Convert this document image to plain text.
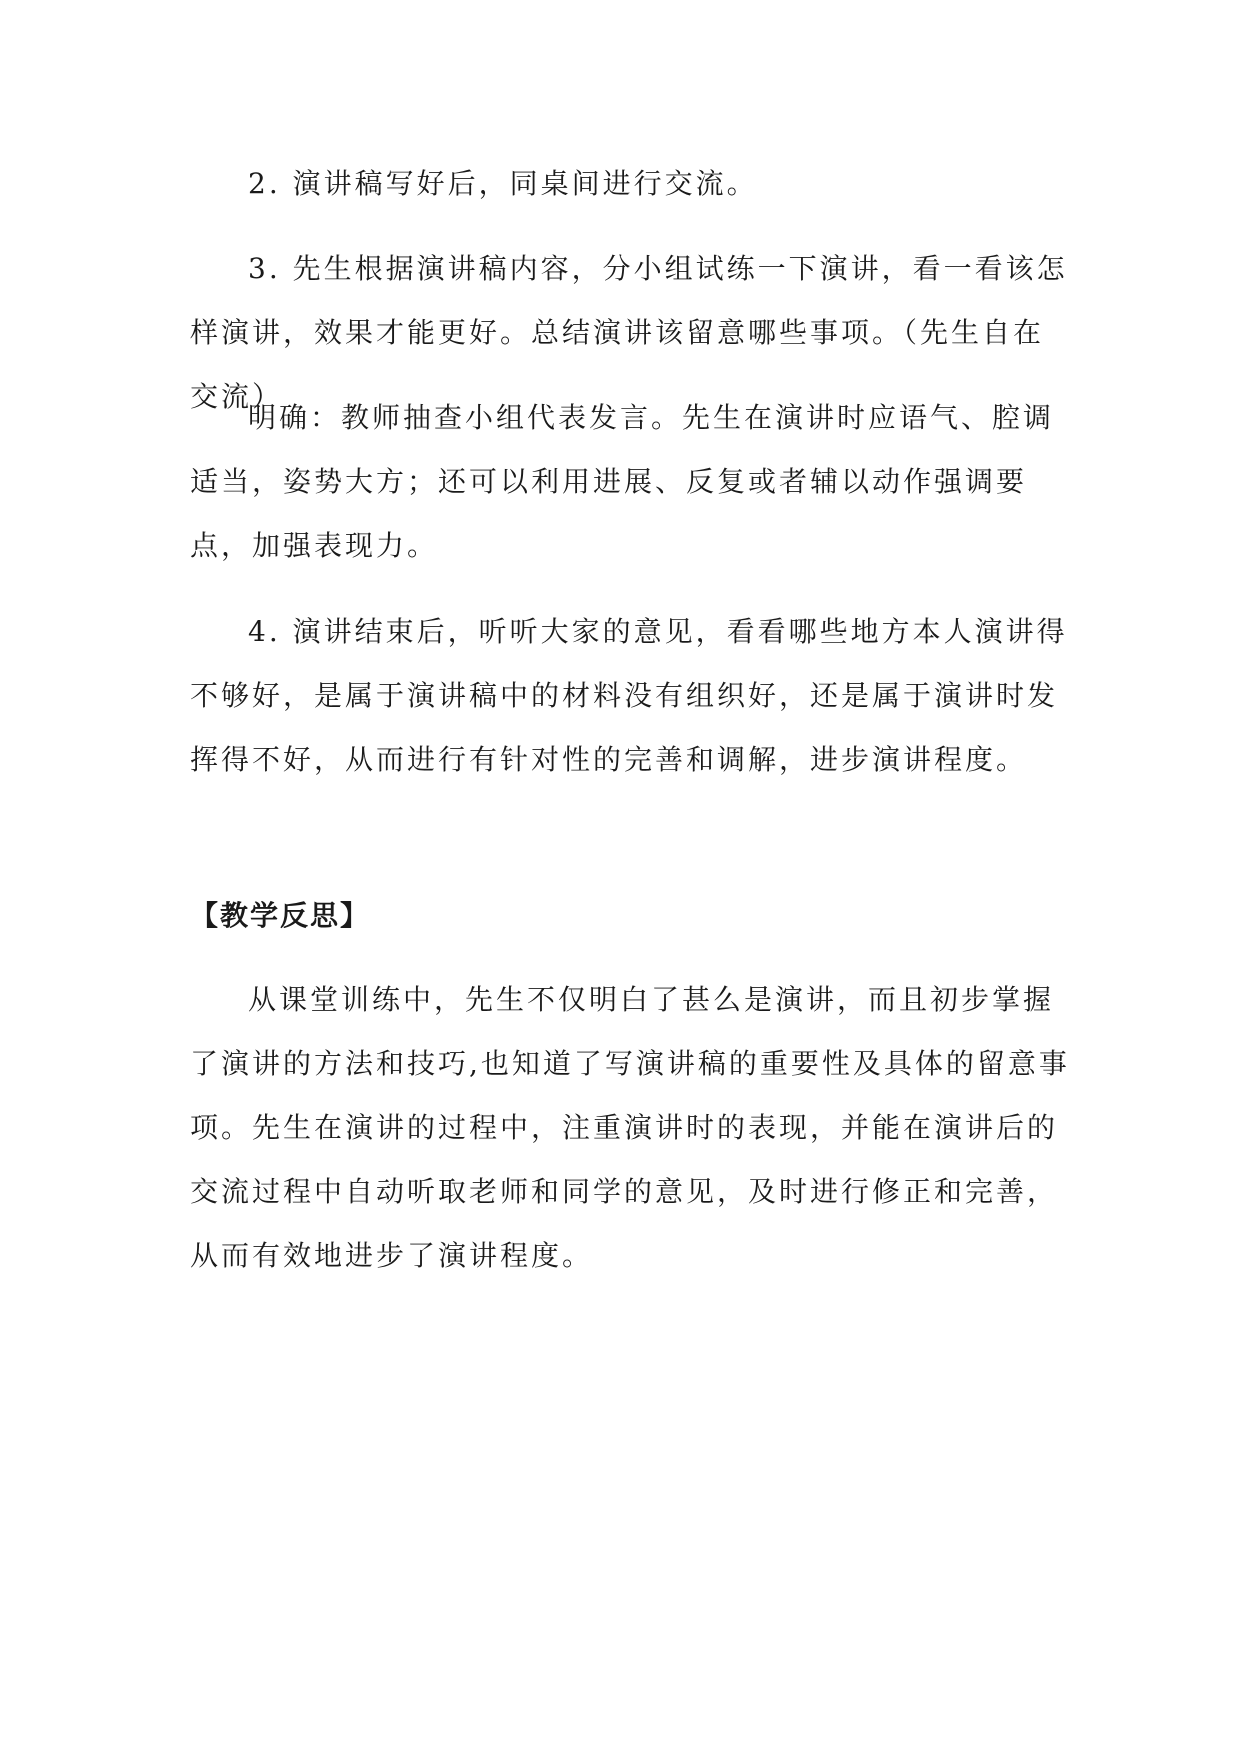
2. 演讲稿写好后，同桌间进行交流。

3. 先生根据演讲稿内容，分小组试练一下演讲，看一看该怎样演讲，效果才能更好。总结演讲该留意哪些事项。（先生自在交流）

明确：教师抽查小组代表发言。先生在演讲时应语气、腔调适当，姿势大方；还可以利用进展、反复或者辅以动作强调要点，加强表现力。

4. 演讲结束后，听听大家的意见，看看哪些地方本人演讲得不够好，是属于演讲稿中的材料没有组织好，还是属于演讲时发挥得不好，从而进行有针对性的完善和调解，进步演讲程度。

【教学反思】

从课堂训练中，先生不仅明白了甚么是演讲，而且初步掌握了演讲的方法和技巧,也知道了写演讲稿的重要性及具体的留意事项。先生在演讲的过程中，注重演讲时的表现，并能在演讲后的交流过程中自动听取老师和同学的意见，及时进行修正和完善，从而有效地进步了演讲程度。
